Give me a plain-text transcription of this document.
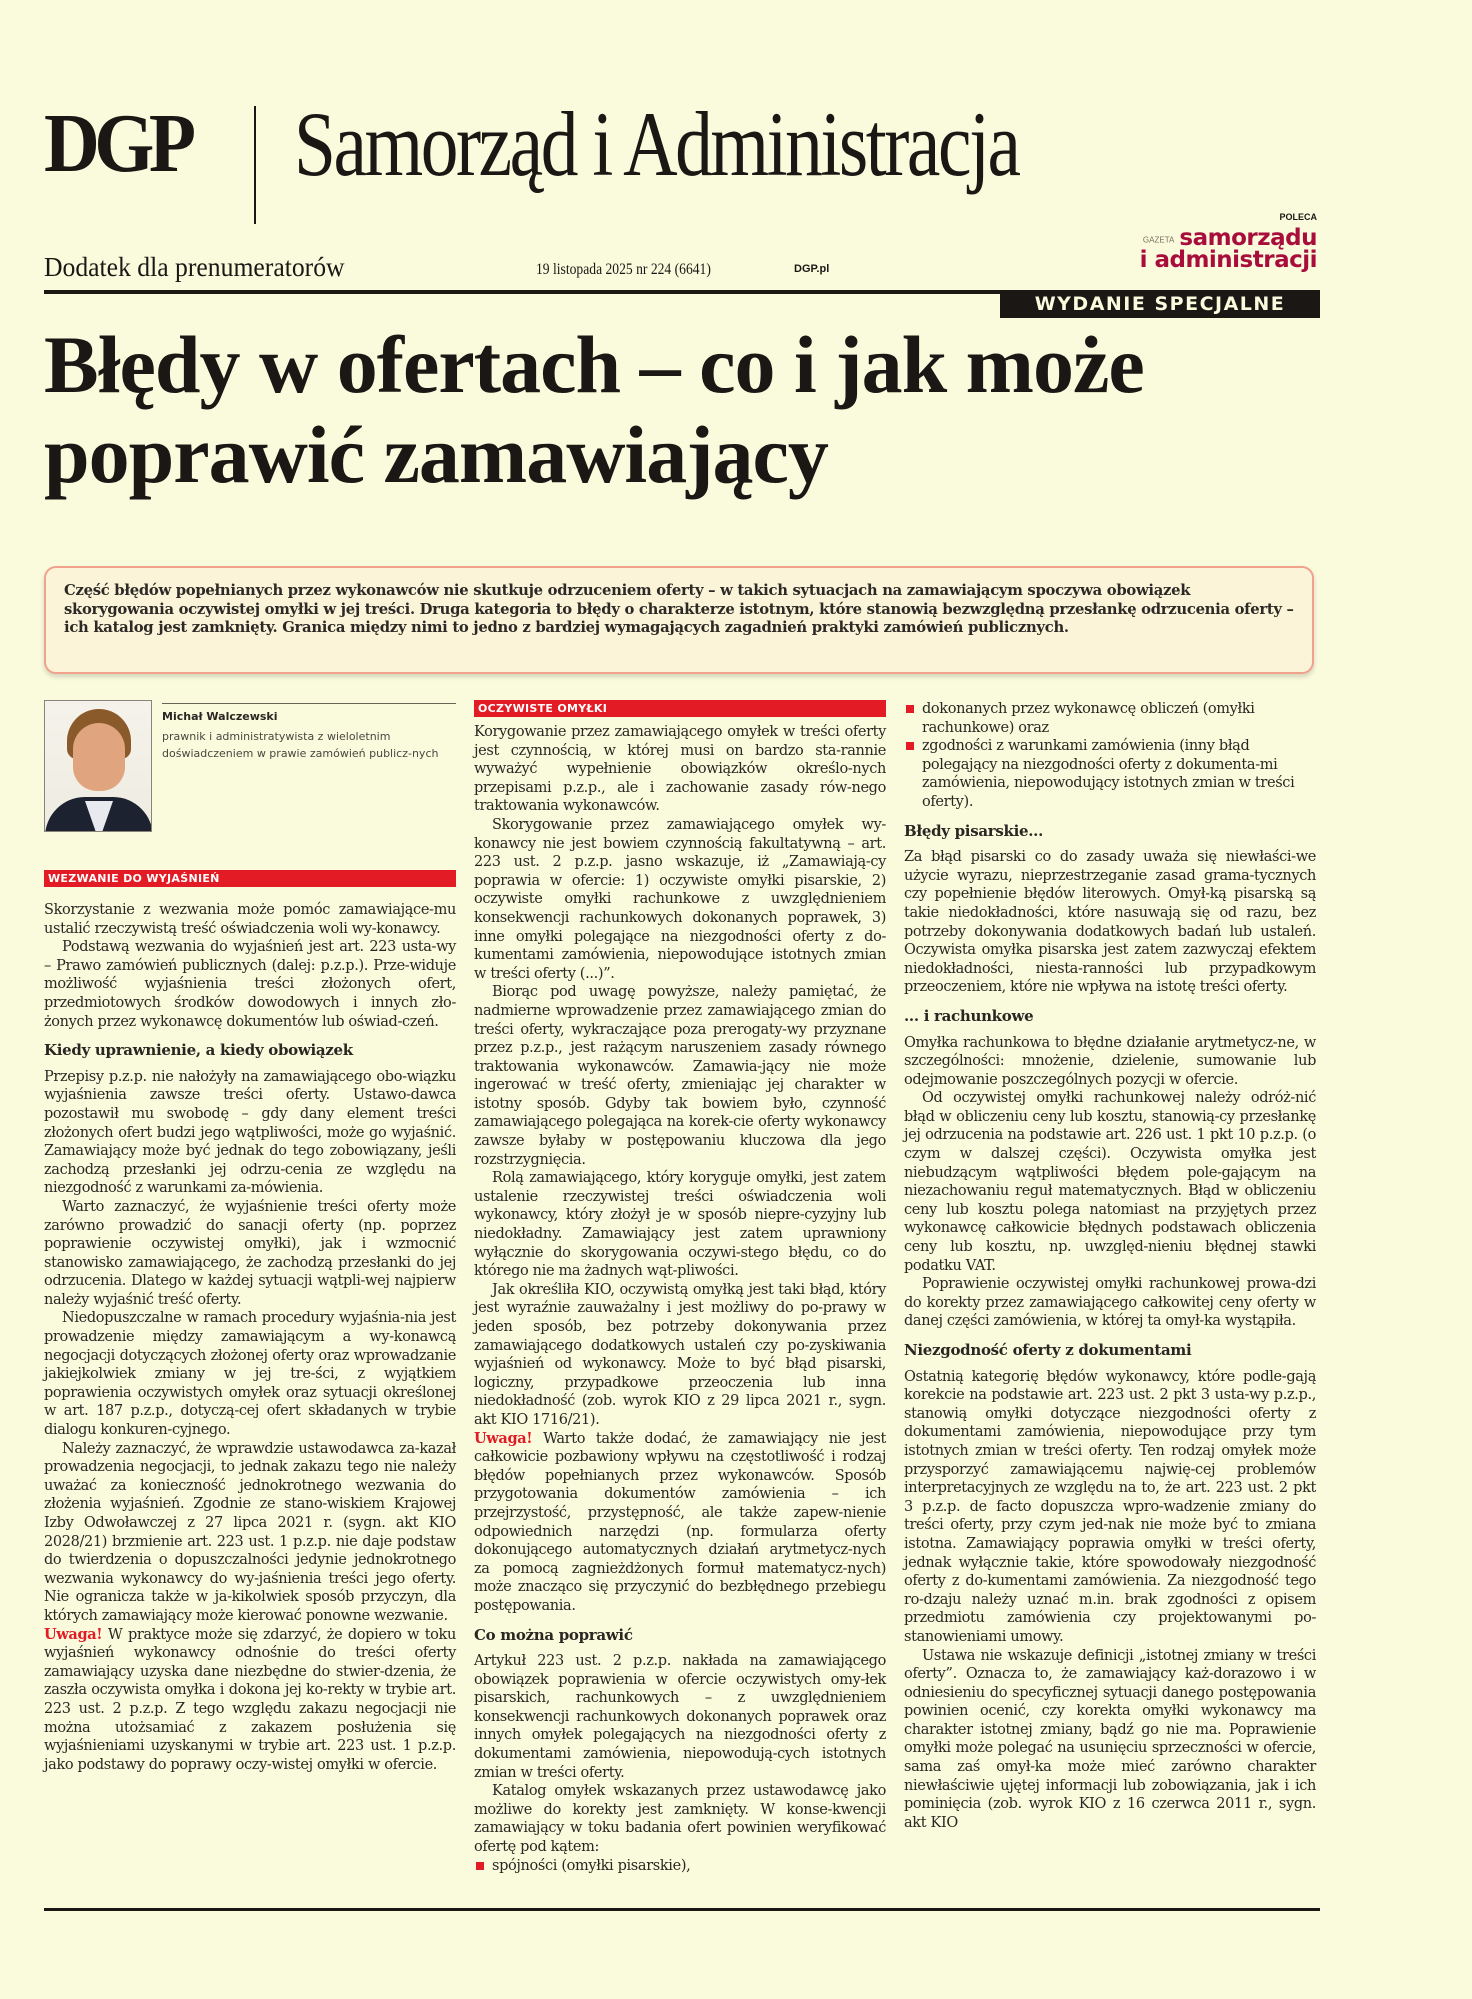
DGP Samorząd i Administracja
Dodatek dla prenumeratorów	19 listopada 2025 nr 224 (6641)	DGP.pl
POLECA
GAZETA samorządu
i administracji
WYDANIE SPECJALNE
Błędy w ofertach – co i jak może poprawić zamawiający
Część błędów popełnianych przez wykonawców nie skutkuje odrzuceniem oferty – w takich sytuacjach na zamawiającym spoczywa obowiązek skorygowania oczywistej omyłki w jej treści. Druga kategoria to błędy o charakterze istotnym, które stanowią bezwzględną przesłankę odrzucenia oferty – ich katalog jest zamknięty. Granica między nimi to jedno z bardziej wymagających zagadnień praktyki zamówień publicznych.
Michał Walczewski
prawnik i administratywista z wieloletnim doświadczeniem w prawie zamówień publicz-nych
WEZWANIE DO WYJAŚNIEŃ

Skorzystanie z wezwania może pomóc zamawiające-mu ustalić rzeczywistą treść oświadczenia woli wy-konawcy.

Podstawą wezwania do wyjaśnień jest art. 223 usta-wy – Prawo zamówień publicznych (dalej: p.z.p.). Prze-widuje możliwość wyjaśnienia treści złożonych ofert, przedmiotowych środków dowodowych i innych zło-żonych przez wykonawcę dokumentów lub oświad-czeń.

Kiedy uprawnienie, a kiedy obowiązek

Przepisy p.z.p. nie nałożyły na zamawiającego obo-wiązku wyjaśnienia zawsze treści oferty. Ustawo-dawca pozostawił mu swobodę – gdy dany element treści złożonych ofert budzi jego wątpliwości, może go wyjaśnić. Zamawiający może być jednak do tego zobowiązany, jeśli zachodzą przesłanki jej odrzu-cenia ze względu na niezgodność z warunkami za-mówienia.

Warto zaznaczyć, że wyjaśnienie treści oferty może zarówno prowadzić do sanacji oferty (np. poprzez poprawienie oczywistej omyłki), jak i wzmocnić stanowisko zamawiającego, że zachodzą przesłanki do jej odrzucenia. Dlatego w każdej sytuacji wątpli-wej najpierw należy wyjaśnić treść oferty.

Niedopuszczalne w ramach procedury wyjaśnia-nia jest prowadzenie między zamawiającym a wy-konawcą negocjacji dotyczących złożonej oferty oraz wprowadzanie jakiejkolwiek zmiany w jej tre-ści, z wyjątkiem poprawienia oczywistych omyłek oraz sytuacji określonej w art. 187 p.z.p., dotyczą-cej ofert składanych w trybie dialogu konkuren-cyjnego.

Należy zaznaczyć, że wprawdzie ustawodawca za-kazał prowadzenia negocjacji, to jednak zakazu tego nie należy uważać za konieczność jednokrotnego wezwania do złożenia wyjaśnień. Zgodnie ze stano-wiskiem Krajowej Izby Odwoławczej z 27 lipca 2021 r. (sygn. akt KIO 2028/21) brzmienie art. 223 ust. 1 p.z.p. nie daje podstaw do twierdzenia o dopuszczalności jedynie jednokrotnego wezwania wykonawcy do wy-jaśnienia treści jego oferty. Nie ogranicza także w ja-kikolwiek sposób przyczyn, dla których zamawiający może kierować ponowne wezwanie.

Uwaga! W praktyce może się zdarzyć, że dopiero w toku wyjaśnień wykonawcy odnośnie do treści oferty zamawiający uzyska dane niezbędne do stwier-dzenia, że zaszła oczywista omyłka i dokona jej ko-rekty w trybie art. 223 ust. 2 p.z.p. Z tego względu zakazu negocjacji nie można utożsamiać z zakazem posłużenia się wyjaśnieniami uzyskanymi w trybie art. 223 ust. 1 p.z.p. jako podstawy do poprawy oczy-wistej omyłki w ofercie.

OCZYWISTE OMYŁKI

Korygowanie przez zamawiającego omyłek w treści oferty jest czynnością, w której musi on bardzo sta-rannie wyważyć wypełnienie obowiązków określo-nych przepisami p.z.p., ale i zachowanie zasady rów-nego traktowania wykonawców.

Skorygowanie przez zamawiającego omyłek wy-konawcy nie jest bowiem czynnością fakultatywną – art. 223 ust. 2 p.z.p. jasno wskazuje, iż „Zamawiają-cy poprawia w ofercie: 1) oczywiste omyłki pisarskie, 2) oczywiste omyłki rachunkowe z uwzględnieniem konsekwencji rachunkowych dokonanych poprawek, 3) inne omyłki polegające na niezgodności oferty z do-kumentami zamówienia, niepowodujące istotnych zmian w treści oferty (...)”.

Biorąc pod uwagę powyższe, należy pamiętać, że nadmierne wprowadzenie przez zamawiającego zmian do treści oferty, wykraczające poza prerogaty-wy przyznane przez p.z.p., jest rażącym naruszeniem zasady równego traktowania wykonawców. Zamawia-jący nie może ingerować w treść oferty, zmieniając jej charakter w istotny sposób. Gdyby tak bowiem było, czynność zamawiającego polegająca na korek-cie oferty wykonawcy zawsze byłaby w postępowaniu kluczowa dla jego rozstrzygnięcia.

Rolą zamawiającego, który koryguje omyłki, jest zatem ustalenie rzeczywistej treści oświadczenia woli wykonawcy, który złożył je w sposób niepre-cyzyjny lub niedokładny. Zamawiający jest zatem uprawniony wyłącznie do skorygowania oczywi-stego błędu, co do którego nie ma żadnych wąt-pliwości.

Jak określiła KIO, oczywistą omyłką jest taki błąd, który jest wyraźnie zauważalny i jest możliwy do po-prawy w jeden sposób, bez potrzeby dokonywania przez zamawiającego dodatkowych ustaleń czy po-zyskiwania wyjaśnień od wykonawcy. Może to być błąd pisarski, logiczny, przypadkowe przeoczenia lub inna niedokładność (zob. wyrok KIO z 29 lipca 2021 r., sygn. akt KIO 1716/21).

Uwaga! Warto także dodać, że zamawiający nie jest całkowicie pozbawiony wpływu na częstotliwość i rodzaj błędów popełnianych przez wykonawców. Sposób przygotowania dokumentów zamówienia – ich przejrzystość, przystępność, ale także zapew-nienie odpowiednich narzędzi (np. formularza oferty dokonującego automatycznych działań arytmetycz-nych za pomocą zagnieżdżonych formuł matematycz-nych) może znacząco się przyczynić do bezbłędnego przebiegu postępowania.

Co można poprawić

Artykuł 223 ust. 2 p.z.p. nakłada na zamawiającego obowiązek poprawienia w ofercie oczywistych omy-łek pisarskich, rachunkowych – z uwzględnieniem konsekwencji rachunkowych dokonanych poprawek oraz innych omyłek polegających na niezgodności oferty z dokumentami zamówienia, niepowodują-cych istotnych zmian w treści oferty.

Katalog omyłek wskazanych przez ustawodawcę jako możliwe do korekty jest zamknięty. W konse-kwencji zamawiający w toku badania ofert powinien weryfikować ofertę pod kątem:

spójności (omyłki pisarskie),
dokonanych przez wykonawcę obliczeń (omyłki rachunkowe) oraz
zgodności z warunkami zamówienia (inny błąd polegający na niezgodności oferty z dokumenta-mi zamówienia, niepowodujący istotnych zmian w treści oferty).
Błędy pisarskie...

Za błąd pisarski co do zasady uważa się niewłaści-we użycie wyrazu, nieprzestrzeganie zasad grama-tycznych czy popełnienie błędów literowych. Omył-ką pisarską są takie niedokładności, które nasuwają się od razu, bez potrzeby dokonywania dodatkowych badań lub ustaleń. Oczywista omyłka pisarska jest zatem zazwyczaj efektem niedokładności, niesta-ranności lub przypadkowym przeoczeniem, które nie wpływa na istotę treści oferty.

... i rachunkowe

Omyłka rachunkowa to błędne działanie arytmetycz-ne, w szczególności: mnożenie, dzielenie, sumowanie lub odejmowanie poszczególnych pozycji w ofercie.

Od oczywistej omyłki rachunkowej należy odróż-nić błąd w obliczeniu ceny lub kosztu, stanowią-cy przesłankę jej odrzucenia na podstawie art. 226 ust. 1 pkt 10 p.z.p. (o czym w dalszej części). Oczywista omyłka jest niebudzącym wątpliwości błędem pole-gającym na niezachowaniu reguł matematycznych. Błąd w obliczeniu ceny lub kosztu polega natomiast na przyjętych przez wykonawcę całkowicie błędnych podstawach obliczenia ceny lub kosztu, np. uwzględ-nieniu błędnej stawki podatku VAT.

Poprawienie oczywistej omyłki rachunkowej prowa-dzi do korekty przez zamawiającego całkowitej ceny oferty w danej części zamówienia, w której ta omył-ka wystąpiła.

Niezgodność oferty z dokumentami

Ostatnią kategorię błędów wykonawcy, które podle-gają korekcie na podstawie art. 223 ust. 2 pkt 3 usta-wy p.z.p., stanowią omyłki dotyczące niezgodności oferty z dokumentami zamówienia, niepowodujące przy tym istotnych zmian w treści oferty. Ten rodzaj omyłek może przysporzyć zamawiającemu najwię-cej problemów interpretacyjnych ze względu na to, że art. 223 ust. 2 pkt 3 p.z.p. de facto dopuszcza wpro-wadzenie zmiany do treści oferty, przy czym jed-nak nie może być to zmiana istotna. Zamawiający poprawia omyłki w treści oferty, jednak wyłącznie takie, które spowodowały niezgodność oferty z do-kumentami zamówienia. Za niezgodność tego ro-dzaju należy uznać m.in. brak zgodności z opisem przedmiotu zamówienia czy projektowanymi po-stanowieniami umowy.

Ustawa nie wskazuje definicji „istotnej zmiany w treści oferty”. Oznacza to, że zamawiający każ-dorazowo i w odniesieniu do specyficznej sytuacji danego postępowania powinien ocenić, czy korekta omyłki wykonawcy ma charakter istotnej zmiany, bądź go nie ma. Poprawienie omyłki może polegać na usunięciu sprzeczności w ofercie, sama zaś omył-ka może mieć zarówno charakter niewłaściwie ujętej informacji lub zobowiązania, jak i ich pominięcia (zob. wyrok KIO z 16 czerwca 2011 r., sygn. akt KIO
